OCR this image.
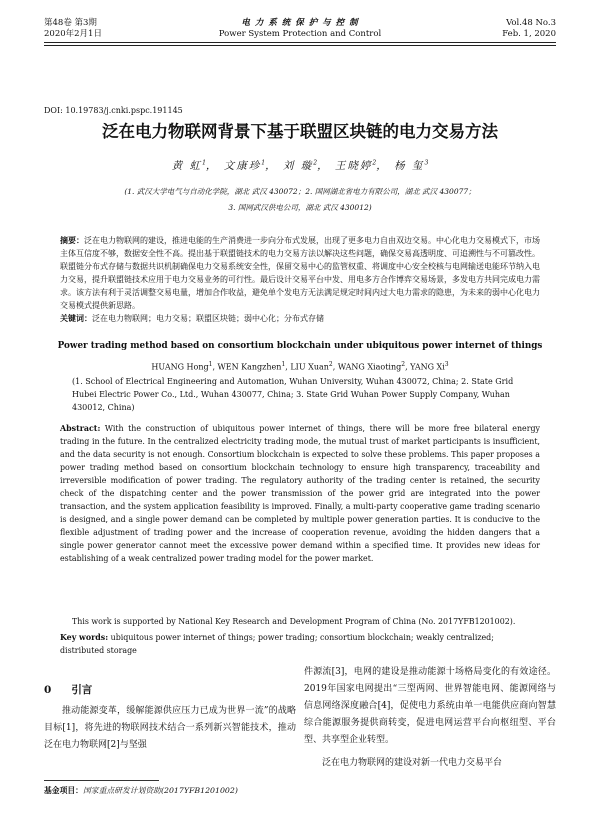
第48卷 第3期
2020年2月1日
电 力 系 统 保 护 与 控 制
Power System Protection and Control
Vol.48 No.3
Feb. 1, 2020
DOI: 10.19783/j.cnki.pspc.191145
泛在电力物联网背景下基于联盟区块链的电力交易方法
黄 虹$^1$， 文康珍$^1$， 刘 璇$^2$， 王晓婷$^2$， 杨 玺$^3$
(1. 武汉大学电气与自动化学院，湖北 武汉 430072；2. 国网湖北省电力有限公司，湖北 武汉 430077；
3. 国网武汉供电公司，湖北 武汉 430012)
摘要：泛在电力物联网的建设，推进电能的生产消费进一步向分布式发展，出现了更多电力自由双边交易。中心化电力交易模式下，市场主体互信度不够，数据安全性不高。提出基于联盟链技术的电力交易方法以解决这些问题，确保交易高透明度、可追溯性与不可篡改性。联盟链分布式存储与数据共识机制确保电力交易系统安全性，保留交易中心的监管权重、将调度中心安全校核与电网输送电能环节纳入电力交易，提升联盟链技术应用于电力交易业务的可行性。最后设计交易平台中发、用电多方合作博弈交易场景，多发电方共同完成电力需求。该方法有利于灵活调整交易电量，增加合作收益，避免单个发电方无法满足规定时间内过大电力需求的隐患，为未来的弱中心化电力交易模式提供新思路。
关键词：泛在电力物联网；电力交易；联盟区块链；弱中心化；分布式存储
Power trading method based on consortium blockchain under ubiquitous power internet of things
HUANG Hong$^1$, WEN Kangzhen$^1$, LIU Xuan$^2$, WANG Xiaoting$^2$, YANG Xi$^3$
(1. School of Electrical Engineering and Automation, Wuhan University, Wuhan 430072, China; 2. State Grid Hubei Electric Power Co., Ltd., Wuhan 430077, China; 3. State Grid Wuhan Power Supply Company, Wuhan 430012, China)
Abstract: With the construction of ubiquitous power internet of things, there will be more free bilateral energy trading in the future. In the centralized electricity trading mode, the mutual trust of market participants is insufficient, and the data security is not enough. Consortium blockchain is expected to solve these problems. This paper proposes a power trading method based on consortium blockchain technology to ensure high transparency, traceability and irreversible modification of power trading. The regulatory authority of the trading center is retained, the security check of the dispatching center and the power transmission of the power grid are integrated into the power transaction, and the system application feasibility is improved. Finally, a multi-party cooperative game trading scenario is designed, and a single power demand can be completed by multiple power generation parties. It is conducive to the flexible adjustment of trading power and the increase of cooperation revenue, avoiding the hidden dangers that a single power generator cannot meet the excessive power demand within a specified time. It provides new ideas for establishing of a weak centralized power trading model for the power market.
This work is supported by National Key Research and Development Program of China (No. 2017YFB1201002).
Key words: ubiquitous power internet of things; power trading; consortium blockchain; weakly centralized; distributed storage
0 引言
推动能源变革，缓解能源供应压力已成为世界一流”的战略目标[1]，将先进的物联网技术结合一系列新兴智能技术，推动泛在电力物联网[2]与坚强
件源流[3]，电网的建设是推动能源十场格局变化的有效途径。2019年国家电网提出“三型两网、世界智能电网、能源网络与信息网络深度融合[4]，促使电力系统由单一电能供应商向智慧综合能源服务提供商转变，促进电网运营平台向枢纽型、平台型、共享型企业转型。
泛在电力物联网的建设对新一代电力交易平台
基金项目：国家重点研发计划资助(2017YFB1201002)
